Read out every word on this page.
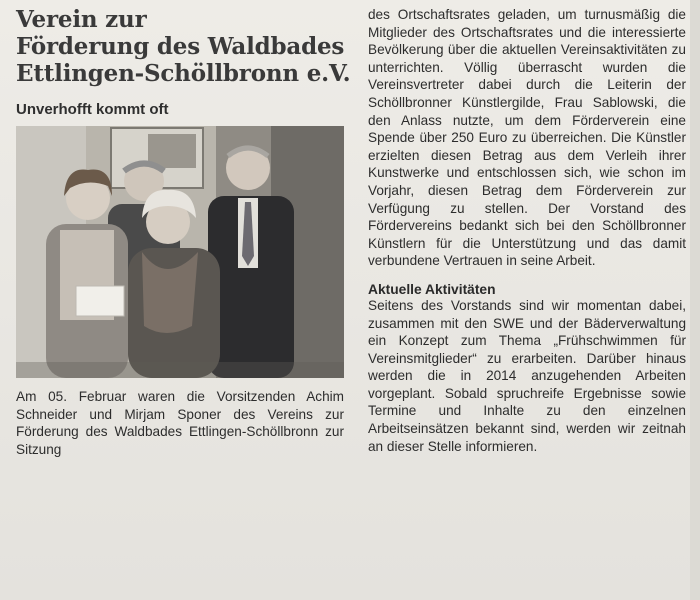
Verein zur
Förderung des Waldbades
Ettlingen-Schöllbronn e.V.
Unverhofft kommt oft

Am 05. Februar waren die Vorsitzenden Achim Schneider und Mirjam Sponer des Vereins zur Förderung des Waldbades Ettlingen-Schöllbronn zur Sitzung

des Ortschaftsrates geladen, um turnusmäßig die Mitglieder des Ortschaftsrates und die interessierte Bevölkerung über die aktuellen Vereinsaktivitäten zu unterrichten. Völlig überrascht wurden die Vereinsvertreter dabei durch die Leiterin der Schöllbronner Künstlergilde, Frau Sablowski, die den Anlass nutzte, um dem Förderverein eine Spende über 250 Euro zu überreichen. Die Künstler erzielten diesen Betrag aus dem Verleih ihrer Kunstwerke und entschlossen sich, wie schon im Vorjahr, diesen Betrag dem Förderverein zur Verfügung zu stellen. Der Vorstand des Fördervereins bedankt sich bei den Schöllbronner Künstlern für die Unterstützung und das damit verbundene Vertrauen in seine Arbeit.

Aktuelle Aktivitäten

Seitens des Vorstands sind wir momentan dabei, zusammen mit den SWE und der Bäderverwaltung ein Konzept zum Thema „Frühschwimmen für Vereinsmitglieder“ zu erarbeiten. Darüber hinaus werden die in 2014 anzugehenden Arbeiten vorgeplant. Sobald spruchreife Ergebnisse sowie Termine und Inhalte zu den einzelnen Arbeitseinsätzen bekannt sind, werden wir zeitnah an dieser Stelle informieren.
